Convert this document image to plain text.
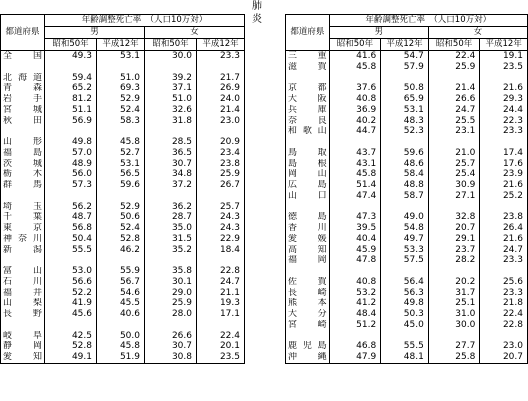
肺　　炎
都道府県	年齢調整死亡率　（人口10万対）			
	男		女	
	昭和50年	平成12年	昭和50年	平成12年
全　　国	49.3	53.1	30.0	23.3

北海道	59.4	51.0	39.2	21.7
青森	65.2	69.3	37.1	26.9
岩手	81.2	52.9	51.0	24.0
宮城	51.1	52.4	32.6	21.4
秋田	56.9	58.3	31.8	23.0

山形	49.8	45.8	28.5	20.9
福島	57.0	52.7	36.5	23.4
茨城	48.9	53.1	30.7	23.8
栃木	56.0	56.5	34.8	25.9
群馬	57.3	59.6	37.2	26.7

埼玉	56.2	52.9	36.2	25.7
千葉	48.7	50.6	28.7	24.3
東京	56.8	52.4	35.0	24.3
神奈川	50.4	52.8	31.5	22.9
新潟	55.5	46.2	35.2	18.4

富山	53.0	55.9	35.8	22.8
石川	56.6	56.7	30.1	24.7
福井	52.2	54.6	29.0	21.1
山梨	41.9	45.5	25.9	19.3
長野	45.6	40.6	28.0	17.1

岐阜	42.5	50.0	26.6	22.4
静岡	52.8	45.8	30.7	20.1
愛知	49.1	51.9	30.8	23.5
都道府県	年齢調整死亡率　（人口10万対）			
	男		女	
	昭和50年	平成12年	昭和50年	平成12年
三重	41.6	54.7	22.4	19.1
滋賀	45.8	57.9	25.9	23.5

京都	37.6	50.8	21.4	21.6
大阪	40.8	65.9	26.6	29.3
兵庫	36.9	53.1	24.7	24.4
奈良	40.2	48.3	25.5	22.3
和歌山	44.7	52.3	23.1	23.3

鳥取	43.7	59.6	21.0	17.4
島根	43.1	48.6	25.7	17.6
岡山	45.8	58.4	25.4	23.9
広島	51.4	48.8	30.9	21.6
山口	47.4	58.7	27.1	25.2

徳島	47.3	49.0	32.8	23.8
香川	39.5	54.8	20.7	26.4
愛媛	40.4	49.7	29.1	21.6
高知	45.9	53.3	23.7	24.7
福岡	47.8	57.5	28.2	23.3

佐賀	40.8	56.4	20.2	25.6
長崎	53.2	56.3	31.7	23.3
熊本	41.2	49.8	25.1	21.8
大分	48.4	50.3	31.0	22.4
宮崎	51.2	45.0	30.0	22.8

鹿児島	46.8	55.5	27.7	23.0
沖縄	47.9	48.1	25.8	20.7
